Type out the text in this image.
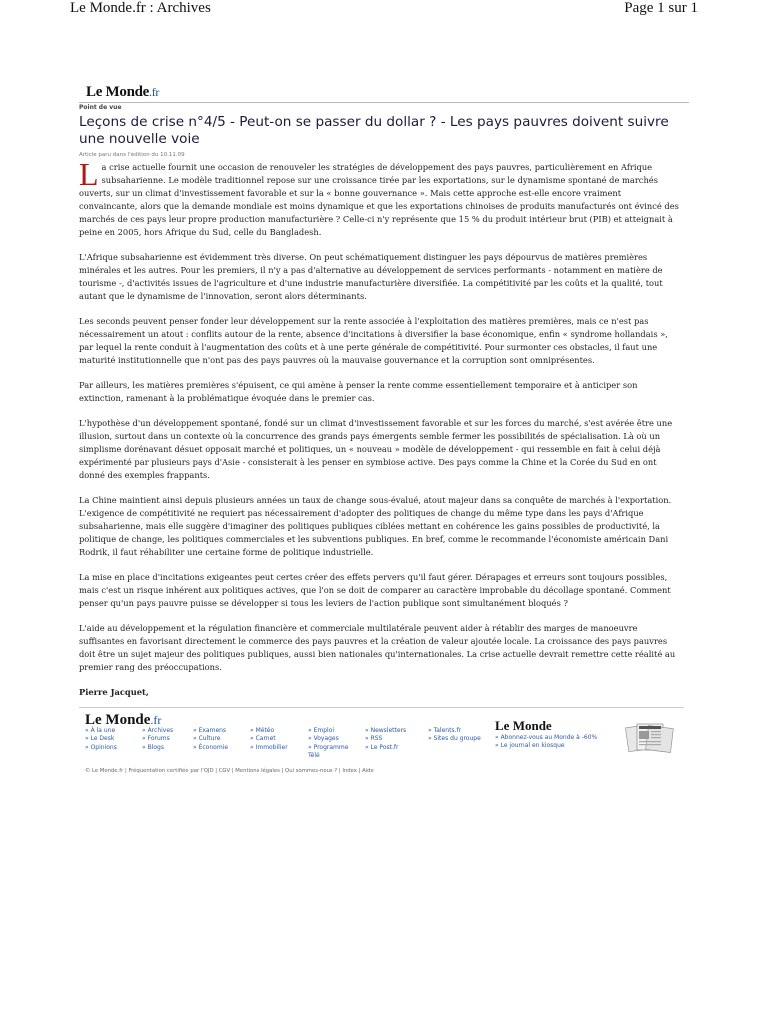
Le Monde.fr : Archives	Page 1 sur 1
Le Monde.fr
Point de vue
Leçons de crise n°4/5 - Peut-on se passer du dollar ? - Les pays pauvres doivent suivre une nouvelle voie
Article paru dans l'édition du 10.11.09

La crise actuelle fournit une occasion de renouveler les stratégies de développement des pays pauvres, particulièrement en Afrique subsaharienne. Le modèle traditionnel repose sur une croissance tirée par les exportations, sur le dynamisme spontané de marchés ouverts, sur un climat d'investissement favorable et sur la « bonne gouvernance ». Mais cette approche est-elle encore vraiment convaincante, alors que la demande mondiale est moins dynamique et que les exportations chinoises de produits manufacturés ont évincé des marchés de ces pays leur propre production manufacturière ? Celle-ci n'y représente que 15 % du produit intérieur brut (PIB) et atteignait à peine en 2005, hors Afrique du Sud, celle du Bangladesh.

L'Afrique subsaharienne est évidemment très diverse. On peut schématiquement distinguer les pays dépourvus de matières premières minérales et les autres. Pour les premiers, il n'y a pas d'alternative au développement de services performants - notamment en matière de tourisme -, d'activités issues de l'agriculture et d'une industrie manufacturière diversifiée. La compétitivité par les coûts et la qualité, tout autant que le dynamisme de l'innovation, seront alors déterminants.

Les seconds peuvent penser fonder leur développement sur la rente associée à l'exploitation des matières premières, mais ce n'est pas nécessairement un atout : conflits autour de la rente, absence d'incitations à diversifier la base économique, enfin « syndrome hollandais », par lequel la rente conduit à l'augmentation des coûts et à une perte générale de compétitivité. Pour surmonter ces obstacles, il faut une maturité institutionnelle que n'ont pas des pays pauvres où la mauvaise gouvernance et la corruption sont omniprésentes.

Par ailleurs, les matières premières s'épuisent, ce qui amène à penser la rente comme essentiellement temporaire et à anticiper son extinction, ramenant à la problématique évoquée dans le premier cas.

L'hypothèse d'un développement spontané, fondé sur un climat d'investissement favorable et sur les forces du marché, s'est avérée être une illusion, surtout dans un contexte où la concurrence des grands pays émergents semble fermer les possibilités de spécialisation. Là où un simplisme dorénavant désuet opposait marché et politiques, un « nouveau » modèle de développement - qui ressemble en fait à celui déjà expérimenté par plusieurs pays d'Asie - consisterait à les penser en symbiose active. Des pays comme la Chine et la Corée du Sud en ont donné des exemples frappants.

La Chine maintient ainsi depuis plusieurs années un taux de change sous-évalué, atout majeur dans sa conquête de marchés à l'exportation. L'exigence de compétitivité ne requiert pas nécessairement d'adopter des politiques de change du même type dans les pays d'Afrique subsaharienne, mais elle suggère d'imaginer des politiques publiques ciblées mettant en cohérence les gains possibles de productivité, la politique de change, les politiques commerciales et les subventions publiques. En bref, comme le recommande l'économiste américain Dani Rodrik, il faut réhabiliter une certaine forme de politique industrielle.

La mise en place d'incitations exigeantes peut certes créer des effets pervers qu'il faut gérer. Dérapages et erreurs sont toujours possibles, mais c'est un risque inhérent aux politiques actives, que l'on se doit de comparer au caractère improbable du décollage spontané. Comment penser qu'un pays pauvre puisse se développer si tous les leviers de l'action publique sont simultanément bloqués ?

L'aide au développement et la régulation financière et commerciale multilatérale peuvent aider à rétablir des marges de manoeuvre suffisantes en favorisant directement le commerce des pays pauvres et la création de valeur ajoutée locale. La croissance des pays pauvres doit être un sujet majeur des politiques publiques, aussi bien nationales qu'internationales. La crise actuelle devrait remettre cette réalité au premier rang des préoccupations.

Pierre Jacquet,

Le Monde.fr
» À la une
» Le Desk
» Opinions
» Archives
» Forums
» Blogs
» Examens
» Culture
» Économie
» Météo
» Carnet
» Immobilier
» Emploi
» Voyages
» Programme
Télé
» Newsletters
» RSS
» Le Post.fr
» Talents.fr
» Sites du groupe
Le Monde
» Abonnez-vous au Monde à -60%
» Le journal en kiosque
© Le Monde.fr | Fréquentation certifiée par l'OJD | CGV | Mentions légales | Qui sommes-nous ? | Index | Aide
